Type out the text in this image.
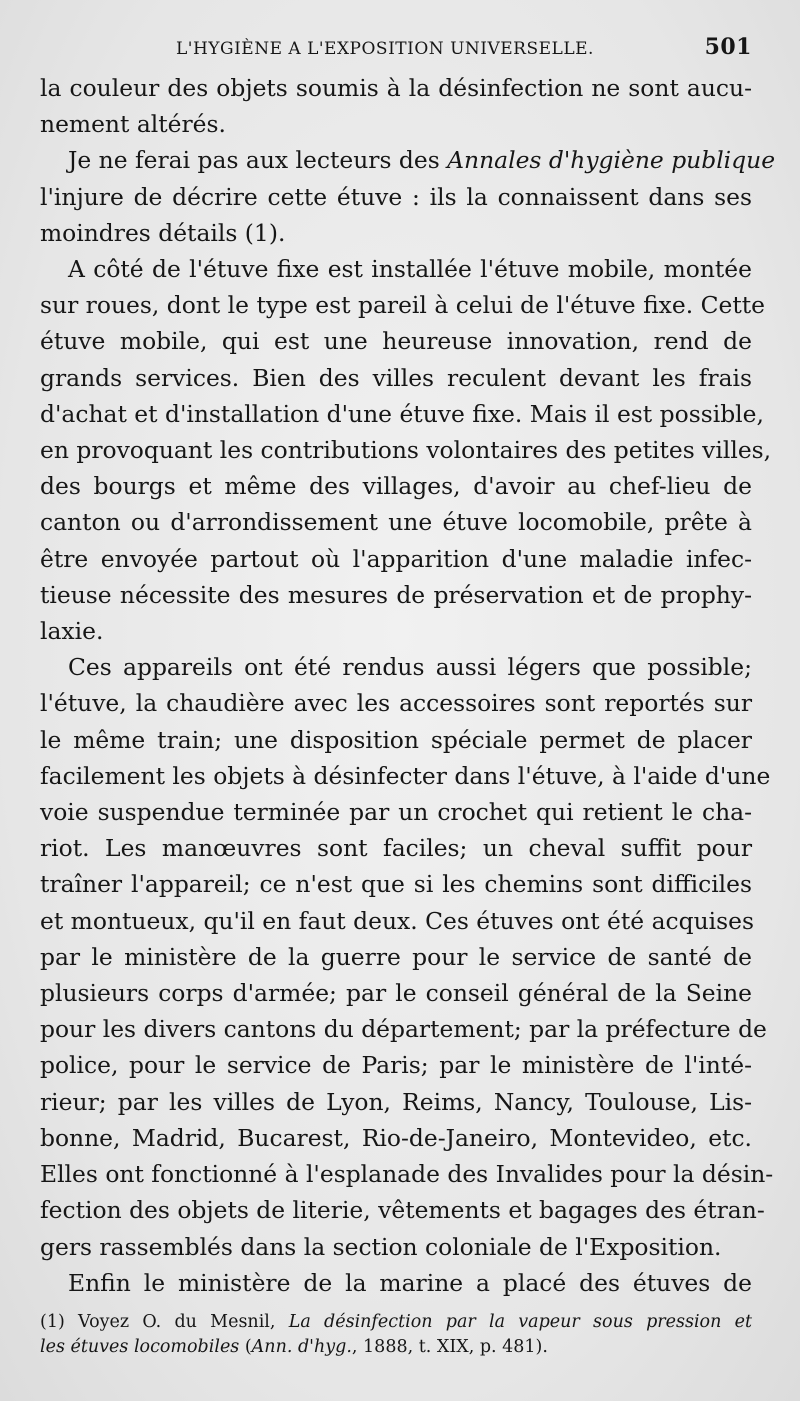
L'HYGIÈNE A L'EXPOSITION UNIVERSELLE.	501

la couleur des objets soumis à la désinfection ne sont aucu-
nement altérés.

Je ne ferai pas aux lecteurs des Annales d'hygiène publique
l'injure de décrire cette étuve : ils la connaissent dans ses
moindres détails (1).

A côté de l'étuve fixe est installée l'étuve mobile, montée
sur roues, dont le type est pareil à celui de l'étuve fixe. Cette
étuve mobile, qui est une heureuse innovation, rend de
grands services. Bien des villes reculent devant les frais
d'achat et d'installation d'une étuve fixe. Mais il est possible,
en provoquant les contributions volontaires des petites villes,
des bourgs et même des villages, d'avoir au chef-lieu de
canton ou d'arrondissement une étuve locomobile, prête à
être envoyée partout où l'apparition d'une maladie infec-
tieuse nécessite des mesures de préservation et de prophy-
laxie.

Ces appareils ont été rendus aussi légers que possible;
l'étuve, la chaudière avec les accessoires sont reportés sur
le même train; une disposition spéciale permet de placer
facilement les objets à désinfecter dans l'étuve, à l'aide d'une
voie suspendue terminée par un crochet qui retient le cha-
riot. Les manœuvres sont faciles; un cheval suffit pour
traîner l'appareil; ce n'est que si les chemins sont difficiles
et montueux, qu'il en faut deux. Ces étuves ont été acquises
par le ministère de la guerre pour le service de santé de
plusieurs corps d'armée; par le conseil général de la Seine
pour les divers cantons du département; par la préfecture de
police, pour le service de Paris; par le ministère de l'inté-
rieur; par les villes de Lyon, Reims, Nancy, Toulouse, Lis-
bonne, Madrid, Bucarest, Rio-de-Janeiro, Montevideo, etc.
Elles ont fonctionné à l'esplanade des Invalides pour la désin-
fection des objets de literie, vêtements et bagages des étran-
gers rassemblés dans la section coloniale de l'Exposition.

Enfin le ministère de la marine a placé des étuves de

(1) Voyez O. du Mesnil, La désinfection par la vapeur sous pression et
les étuves locomobiles (Ann. d'hyg., 1888, t. XIX, p. 481).
